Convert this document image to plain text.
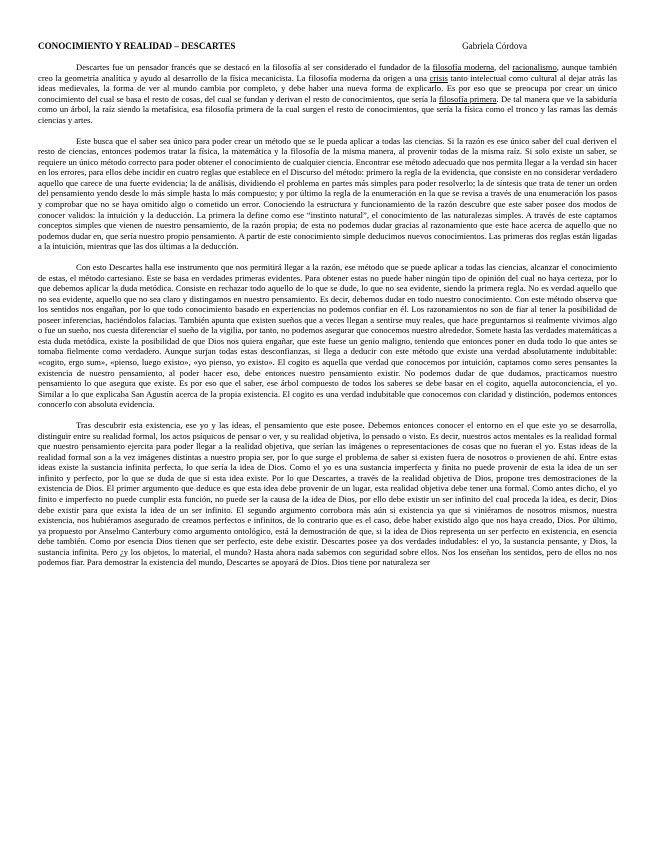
CONOCIMIENTO Y REALIDAD – DESCARTES	Gabriela Córdova

Descartes fue un pensador francés que se destacó en la filosofía al ser considerado el fundador de la filosofía moderna, del racionalismo, aunque también creo la geometría analítica y ayudo al desarrollo de la física mecanicista. La filosofía moderna da origen a una crisis tanto intelectual como cultural al dejar atrás las ideas medievales, la forma de ver al mundo cambia por completo, y debe haber una nueva forma de explicarlo. Es por eso que se preocupa por crear un único conocimiento del cual se basa el resto de cosas, del cual se fundan y derivan el resto de conocimientos, que sería la filosofía primera. De tal manera que ve la sabiduría como un árbol, la raíz siendo la metafísica, esa filosofía primera de la cual surgen el resto de conocimientos, que sería la física como el tronco y las ramas las demás ciencias y artes.

Este busca que el saber sea único para poder crear un método que se le pueda aplicar a todas las ciencias. Si la razón es ese único saber del cual deriven el resto de ciencias, entonces podemos tratar la física, la matemática y la filosofía de la misma manera, al provenir todas de la misma raíz. Si solo existe un saber, se requiere un único método correcto para poder obtener el conocimiento de cualquier ciencia. Encontrar ese método adecuado que nos permita llegar a la verdad sin hacer en los errores, para ellos debe incidir en cuatro reglas que establece en el Discurso del método: primero la regla de la evidencia, que consiste en no considerar verdadero aquello que carece de una fuerte evidencia; la de análisis, dividiendo el problema en partes más simples para poder resolverlo; la de síntesis que trata de tener un orden del pensamiento yendo desde lo más simple hasta lo más compuesto; y por último la regla de la enumeración en la que se revisa a través de una enumeración los pasos y comprobar que no se haya omitido algo o cometido un error. Conociendo la estructura y funcionamiento de la razón descubre que este saber posee dos modos de conocer validos: la intuición y la deducción. La primera la define como ese “instinto natural”, el conocimiento de las naturalezas simples. A través de este captamos conceptos simples que vienen de nuestro pensamiento, de la razón propia; de esta no podemos dudar gracias al razonamiento que este hace acerca de aquello que no podemos dudar en, que sería nuestro propio pensamiento. A partir de este conocimiento simple deducimos nuevos conocimientos. Las primeras dos reglas están ligadas a la intuición, mientras que las dos últimas a la deducción.

Con esto Descartes halla ese instrumento que nos permitirá llegar a la razón, ese método que se puede aplicar a todas las ciencias, alcanzar el conocimiento de estas, el método cartesiano. Este se basa en verdades primeras evidentes. Para obtener estas no puede haber ningún tipo de opinión del cual no haya certeza, por lo que debemos aplicar la duda metódica. Consiste en rechazar todo aquello de lo que se dude, lo que no sea evidente, siendo la primera regla. No es verdad aquello que no sea evidente, aquello que no sea claro y distingamos en nuestro pensamiento. Es decir, debemos dudar en todo nuestro conocimiento. Con este método observa que los sentidos nos engañan, por lo que todo conocimiento basado en experiencias no podemos confiar en él. Los razonamientos no son de fiar al tener la posibilidad de poseer inferencias, haciéndolos falacias. También apunta que existen sueños que a veces llegan a sentirse muy reales, que hace preguntarnos si realmente vivimos algo o fue un sueño, nos cuesta diferenciar el sueño de la vigilia, por tanto, no podemos asegurar que conocemos nuestro alrededor. Somete hasta las verdades matemáticas a esta duda metódica, existe la posibilidad de que Dios nos quiera engañar, que este fuese un genio maligno, teniendo que entonces poner en duda todo lo que antes se tomaba fielmente como verdadero. Aunque surjan todas estas desconfianzas, si llega a deducir con este método que existe una verdad absolutamente indubitable: «cogito, ergo sum», «pienso, luego existo», «yo pienso, yo existo». El cogito es aquella que verdad que conocemos por intuición, captamos como seres pensantes la existencia de nuestro pensamiento, al poder hacer eso, debe entonces nuestro pensamiento existir. No podemos dudar de que dudamos, practicamos nuestro pensamiento lo que asegura que existe. Es por eso que el saber, ese árbol compuesto de todos los saberes se debe basar en el cogito, aquella autoconciencia, el yo. Similar a lo que explicaba San Agustín acerca de la propia existencia. El cogito es una verdad indubitable que conocemos con claridad y distinción, podemos entonces conocerlo con absoluta evidencia.

Tras descubrir esta existencia, ese yo y las ideas, el pensamiento que este posee. Debemos entonces conocer el entorno en el que este yo se desarrolla, distinguir entre su realidad formal, los actos psíquicos de pensar o ver, y su realidad objetiva, lo pensado o visto. Es decir, nuestros actos mentales es la realidad formal que nuestro pensamiento ejercita para poder llegar a la realidad objetiva, que serían las imágenes o representaciones de cosas que no fueran el yo. Estas ideas de la realidad formal son a la vez imágenes distintas a nuestro propia ser, por lo que surge el problema de saber si existen fuera de nosotros o provienen de ahí. Entre estas ideas existe la sustancia infinita perfecta, lo que sería la idea de Dios. Como el yo es una sustancia imperfecta y finita no puede provenir de esta la idea de un ser infinito y perfecto, por lo que se duda de que si esta idea existe. Por lo que Descartes, a través de la realidad objetiva de Dios, propone tres demostraciones de la existencia de Dios. El primer argumento que deduce es que esta idea debe provenir de un lugar, esta realidad objetiva debe tener una formal. Como antes dicho, el yo finito e imperfecto no puede cumplir esta función, no puede ser la causa de la idea de Dios, por ello debe existir un ser infinito del cual proceda la idea, es decir, Dios debe existir para que exista la idea de un ser infinito. El segundo argumento corrobora más aún si existencia ya que si viniéramos de nosotros mismos, nuestra existencia, nos hubiéramos asegurado de creamos perfectos e infinitos, de lo contrario que es el caso, debe haber existido algo que nos haya creado, Dios. Por último, ya propuesto por Anselmo Canterbury como argumento ontológico, está la demostración de que, si la idea de Dios representa un ser perfecto en existencia, en esencia debe también. Como por esencia Dios tienen que ser perfecto, este debe existir. Descartes posee ya dos verdades indudables: el yo, la sustancia pensante, y Dios, la sustancia infinita. Pero ¿y los objetos, lo material, el mundo? Hasta ahora nada sabemos con seguridad sobre ellos. Nos los enseñan los sentidos, pero de ellos no nos podemos fiar. Para demostrar la existencia del mundo, Descartes se apoyará de Dios. Dios tiene por naturaleza ser
